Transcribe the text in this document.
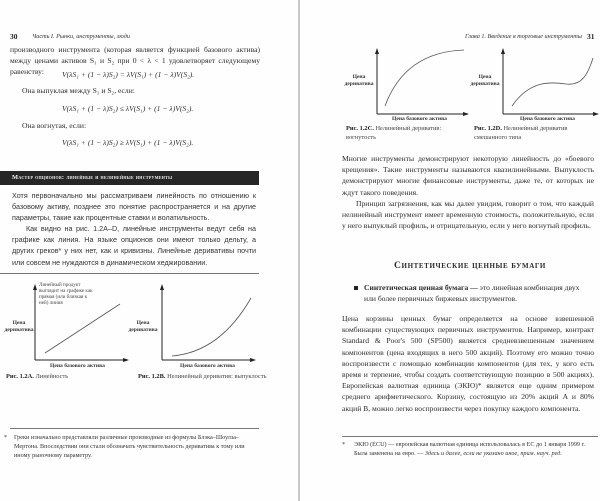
30 Часть I. Рынки, инструменты, люди
производного инструмента (которая является функцией базового актива) между ценами активов S₁ и S₂ при 0 < λ < 1 удовлетворяет следующему равенству:	V(λS₁ + (1 − λ)S₂) = λV(S₁) + (1 − λ)V(S₂).
Она выпуклая между S₁ и S₂, если:
V(λS₁ + (1 − λ)S₂) ≤ λV(S₁) + (1 − λ)V(S₂).
Она вогнутая, если:
V(λS₁ + (1 − λ)S₂) ≥ λV(S₁) + (1 − λ)V(S₂).
Мастер опционов: линейные и нелинейные инструменты
Хотя первоначально мы рассматриваем линейность по отношению к базовому активу, позднее это понятие распространяется и на другие параметры, такие как процентные ставки и волатильность.
Как видно на рис. 1.2A–D, линейные инструменты ведут себя на графике как линия. На языке опционов они имеют только дельту, а других греков* у них нет, как и кривизны. Линейные деривативы почти или совсем не нуждаются в динамическом хеджировании.
Цена деривативa
Цена базового актива
Линейный продукт выглядит на графике как прямая (или близкая к ней) линия
Рис. 1.2A. Линейность
Цена деривативa
Цена базового актива
Рис. 1.2B. Нелинейный дериватив: выпуклость
* Греки изначально представляли различные производные из формулы Блэка–Шоулза–Мертона. Впоследствии они стали обозначать чувствительность дериватива к тому или иному рыночному параметру.
Глава 1. Введение в торговые инструменты 31
Цена деривативa
Цена базового актива
Рис. 1.2C. Нелинейный дериватив: вогнутость
Цена деривативa
Цена базового актива
Рис. 1.2D. Нелинейный дериватив смешанного типа
Многие инструменты демонстрируют некоторую линейность до «боевого крещения». Такие инструменты называются квазилинейными. Выпуклость демонстрируют многие финансовые инструменты, даже те, от которых не ждут такого поведения.
Принцип загрязнения, как мы далее увидим, говорит о том, что каждый нелинейный инструмент имеет временную стоимость, положительную, если у него выпуклый профиль, и отрицательную, если у него вогнутый профиль.
Синтетические ценные бумаги
Синтетическая ценная бумага — это линейная комбинация двух или более первичных биржевых инструментов.
Цена корзины ценных бумаг определяется на основе взвешенной комбинации существующих первичных инструментов. Например, контракт Standard & Poor's 500 (SP500) является средневзвешенным значением компонентов (цена входящих в него 500 акций). Поэтому его можно точно воспроизвести с помощью комбинации компонентов (для тех, у кого есть время и терпение, чтобы создать соответствующую позицию в 500 акциях). Европейская валютная единица (ЭКЮ)* является еще одним примером среднего арифметического. Корзину, состоящую из 20% акций A и 80% акций B, можно легко воспроизвести через покупку каждого компонента.
* ЭКЮ (ECU) — европейская валютная единица использовалась в ЕС до 1 января 1999 г. Была заменена на евро. — Здесь и далее, если не указано иное, прим. науч. ред.
